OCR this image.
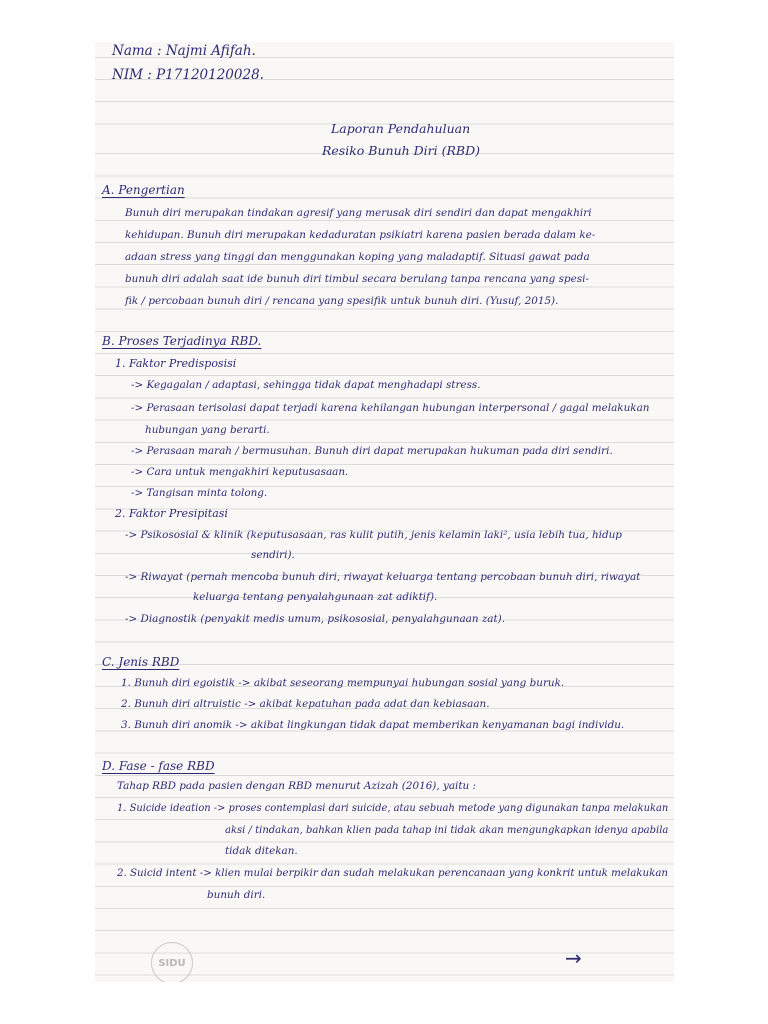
Nama : Najmi Afifah.
NIM : P17120120028.
Laporan Pendahuluan
Resiko Bunuh Diri (RBD)
A. Pengertian
Bunuh diri merupakan tindakan agresif yang merusak diri sendiri dan dapat mengakhiri
kehidupan. Bunuh diri merupakan kedaduratan psikiatri karena pasien berada dalam ke-
adaan stress yang tinggi dan menggunakan koping yang maladaptif. Situasi gawat pada
bunuh diri adalah saat ide bunuh diri timbul secara berulang tanpa rencana yang spesi-
fik / percobaan bunuh diri / rencana yang spesifik untuk bunuh diri. (Yusuf, 2015).
B. Proses Terjadinya RBD.
1. Faktor Predisposisi
-> Kegagalan / adaptasi, sehingga tidak dapat menghadapi stress.
-> Perasaan terisolasi dapat terjadi karena kehilangan hubungan interpersonal / gagal melakukan
hubungan yang berarti.
-> Perasaan marah / bermusuhan. Bunuh diri dapat merupakan hukuman pada diri sendiri.
-> Cara untuk mengakhiri keputusasaan.
-> Tangisan minta tolong.
2. Faktor Presipitasi
-> Psikososial & klinik (keputusasaan, ras kulit putih, jenis kelamin laki², usia lebih tua, hidup
sendiri).
-> Riwayat (pernah mencoba bunuh diri, riwayat keluarga tentang percobaan bunuh diri, riwayat
keluarga tentang penyalahgunaan zat adiktif).
-> Diagnostik (penyakit medis umum, psikososial, penyalahgunaan zat).
C. Jenis RBD
1. Bunuh diri egoistik -> akibat seseorang mempunyai hubungan sosial yang buruk.
2. Bunuh diri altruistic -> akibat kepatuhan pada adat dan kebiasaan.
3. Bunuh diri anomik -> akibat lingkungan tidak dapat memberikan kenyamanan bagi individu.
D. Fase - fase RBD
Tahap RBD pada pasien dengan RBD menurut Azizah (2016), yaitu :
1. Suicide ideation -> proses contemplasi dari suicide, atau sebuah metode yang digunakan tanpa melakukan
aksi / tindakan, bahkan klien pada tahap ini tidak akan mengungkapkan idenya apabila
tidak ditekan.
2. Suicid intent -> klien mulai berpikir dan sudah melakukan perencanaan yang konkrit untuk melakukan
bunuh diri.
SIDU	→
